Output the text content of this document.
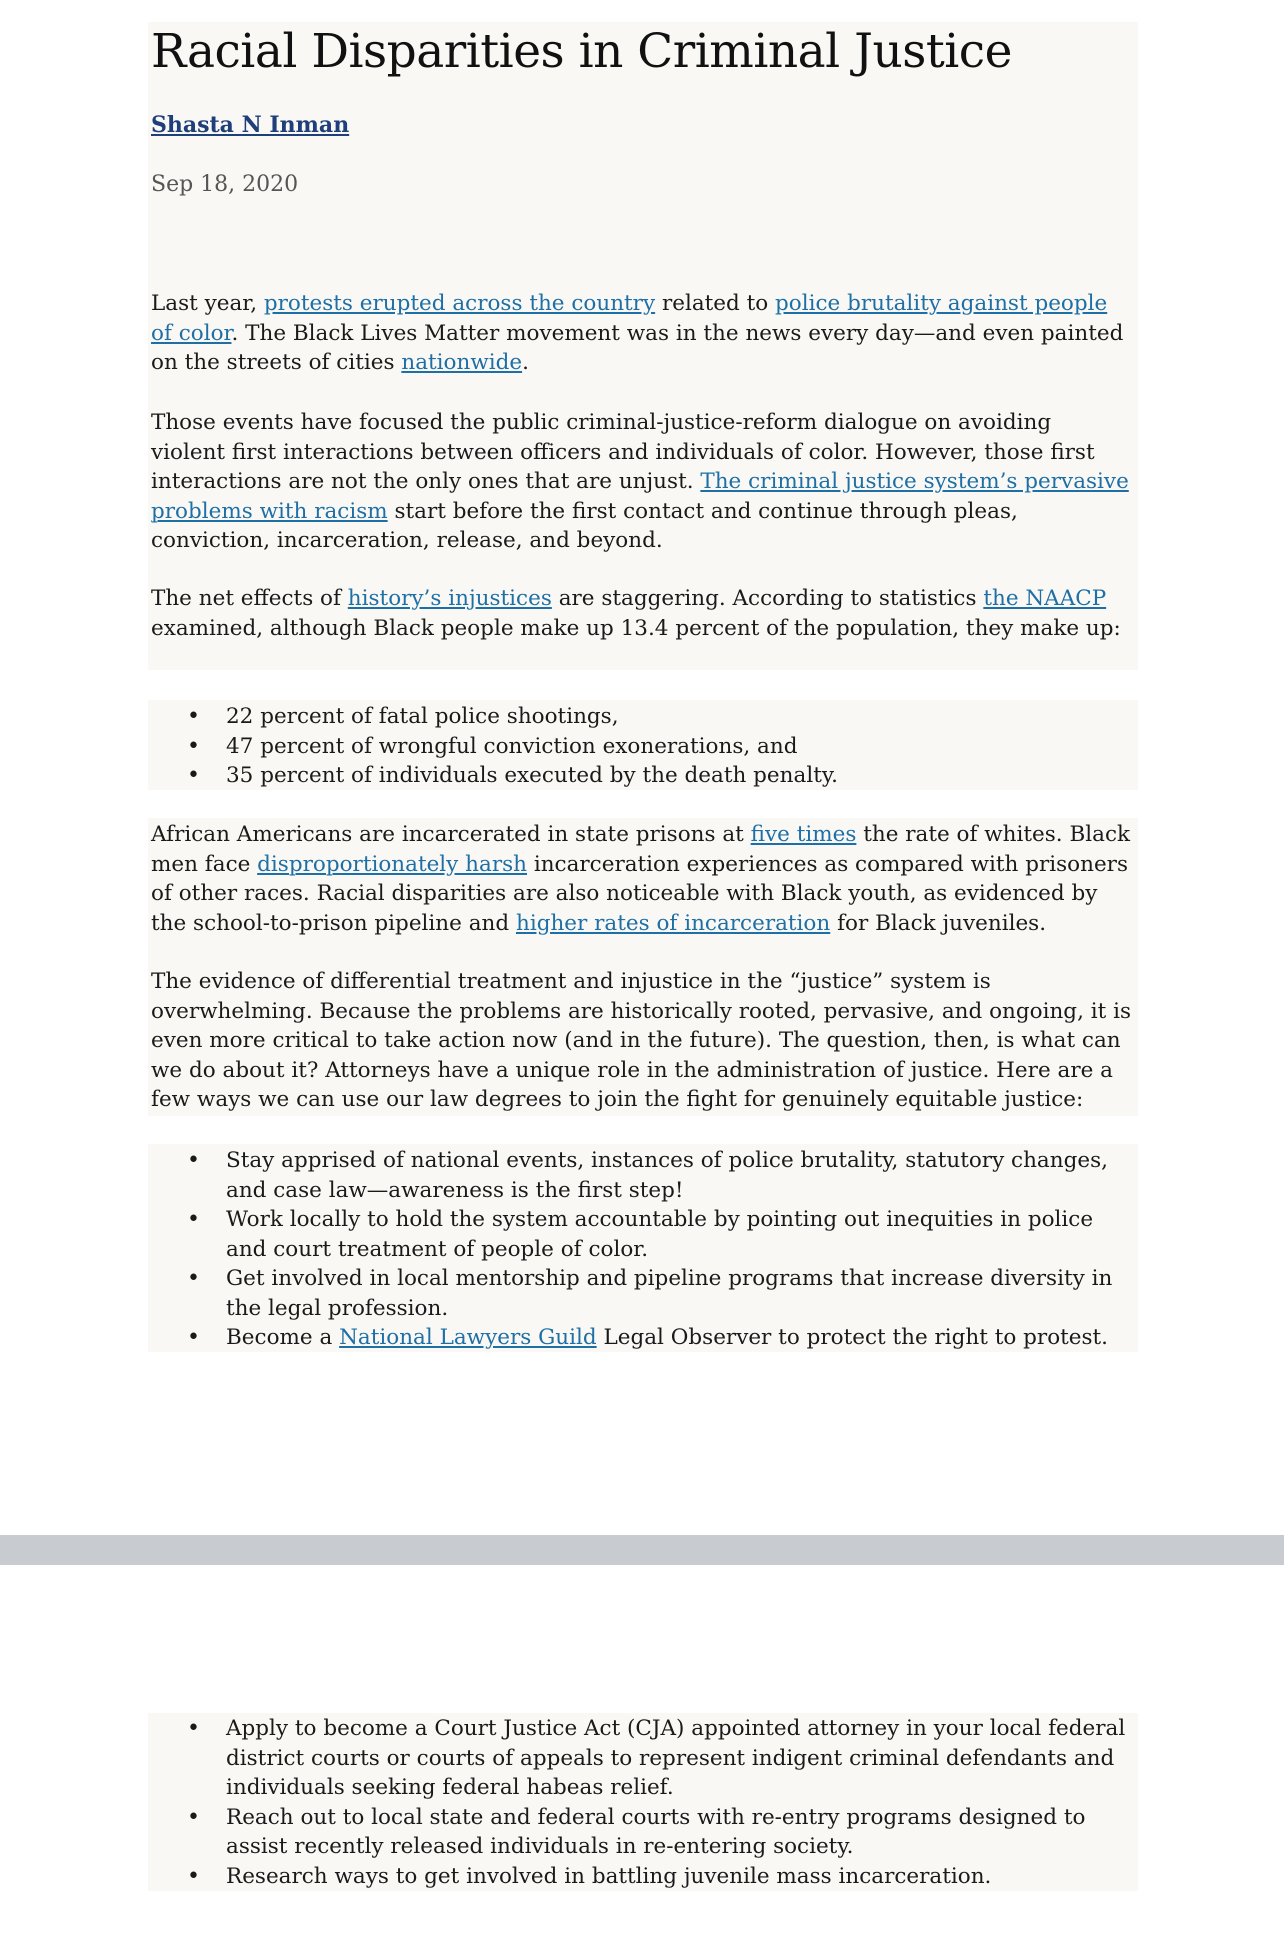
Racial Disparities in Criminal Justice
Shasta N Inman
Sep 18, 2020

Last year, protests erupted across the country related to police brutality against people of color. The Black Lives Matter movement was in the news every day—and even painted on the streets of cities nationwide.

Those events have focused the public criminal-justice-reform dialogue on avoiding violent first interactions between officers and individuals of color. However, those first interactions are not the only ones that are unjust. The criminal justice system’s pervasive problems with racism start before the first contact and continue through pleas, conviction, incarceration, release, and beyond.

The net effects of history’s injustices are staggering. According to statistics the NAACP examined, although Black people make up 13.4 percent of the population, they make up:

• 22 percent of fatal police shootings,
• 47 percent of wrongful conviction exonerations, and
• 35 percent of individuals executed by the death penalty.

African Americans are incarcerated in state prisons at five times the rate of whites. Black men face disproportionately harsh incarceration experiences as compared with prisoners of other races. Racial disparities are also noticeable with Black youth, as evidenced by the school-to-prison pipeline and higher rates of incarceration for Black juveniles.

The evidence of differential treatment and injustice in the “justice” system is overwhelming. Because the problems are historically rooted, pervasive, and ongoing, it is even more critical to take action now (and in the future). The question, then, is what can we do about it? Attorneys have a unique role in the administration of justice. Here are a few ways we can use our law degrees to join the fight for genuinely equitable justice:

• Stay apprised of national events, instances of police brutality, statutory changes, and case law—awareness is the first step!
• Work locally to hold the system accountable by pointing out inequities in police and court treatment of people of color.
• Get involved in local mentorship and pipeline programs that increase diversity in the legal profession.
• Become a National Lawyers Guild Legal Observer to protect the right to protest.
• Apply to become a Court Justice Act (CJA) appointed attorney in your local federal district courts or courts of appeals to represent indigent criminal defendants and individuals seeking federal habeas relief.
• Reach out to local state and federal courts with re-entry programs designed to assist recently released individuals in re-entering society.
• Research ways to get involved in battling juvenile mass incarceration.
